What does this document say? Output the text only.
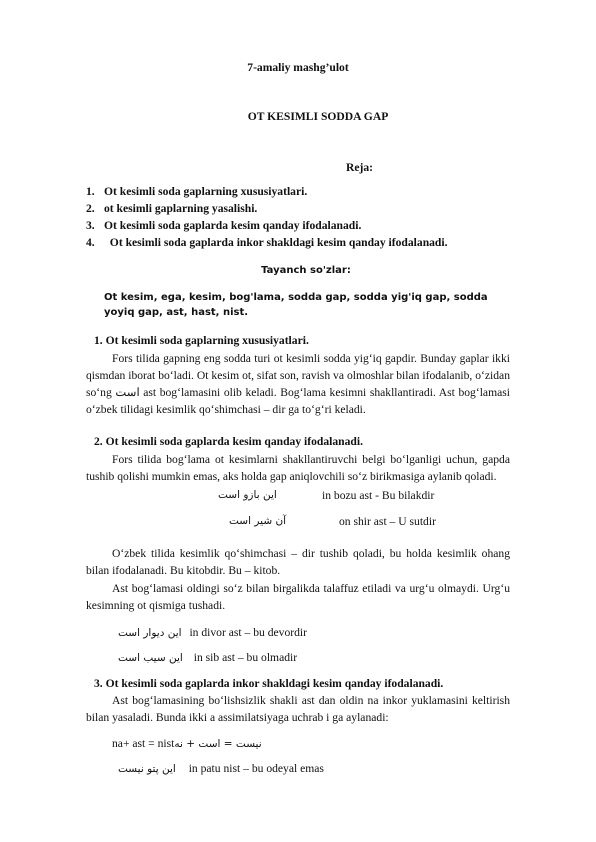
7-amaliy mashg’ulot
OT KESIMLI SODDA GAP
Reja:
1. Ot kesimli soda gaplarning xususiyatlari.
2. ot kesimli gaplarning yasalishi.
3. Ot kesimli soda gaplarda kesim qanday ifodalanadi.
4.  Ot kesimli soda gaplarda inkor shakldagi kesim qanday ifodalanadi.
Tayanch so'zlar:
Ot kesim, ega, kesim, bog'lama, sodda gap, sodda yig'iq gap, sodda yoyiq gap, ast, hast, nist.
1. Ot kesimli soda gaplarning xususiyatlari.
Fors tilida gapning eng sodda turi ot kesimli sodda yig‘iq gapdir. Bunday gaplar ikki qismdan iborat bo‘ladi. Ot kesim ot, sifat son, ravish va olmoshlar bilan ifodalanib, o‘zidan so‘ng است ast bog‘lamasini olib keladi. Bog‘lama kesimni shakllantiradi. Ast bog‘lamasi o‘zbek tilidagi kesimlik qo‘shimchasi – dir ga to‘g‘ri keladi.
2. Ot kesimli soda gaplarda kesim qanday ifodalanadi.
Fors tilida bog‘lama ot kesimlarni shakllantiruvchi belgi bo‘lganligi uchun, gapda tushib qolishi mumkin emas, aks holda gap aniqlovchili so‘z birikmasiga aylanib qoladi.
این بازو است	in bozu ast - Bu bilakdir
آن شیر است	on shir ast – U sutdir
O‘zbek tilida kesimlik qo‘shimchasi – dir tushib qoladi, bu holda kesimlik ohang bilan ifodalanadi. Bu kitobdir. Bu – kitob.
Ast bog‘lamasi oldingi so‘z bilan birgalikda talaffuz etiladi va urg‘u olmaydi. Urg‘u kesimning ot qismiga tushadi.
این دیوار است in divor ast – bu devordir
این سیب است in sib ast – bu olmadir
3. Ot kesimli soda gaplarda inkor shakldagi kesim qanday ifodalanadi.
Ast bog‘lamasining bo‘lishsizlik shakli ast dan oldin na inkor yuklamasini keltirish bilan yasaladi. Bunda ikki a assimilatsiyaga uchrab i ga aylanadi:
na+ ast = nistنیست = است + نه
این پتو نیست in patu nist – bu odeyal emas
